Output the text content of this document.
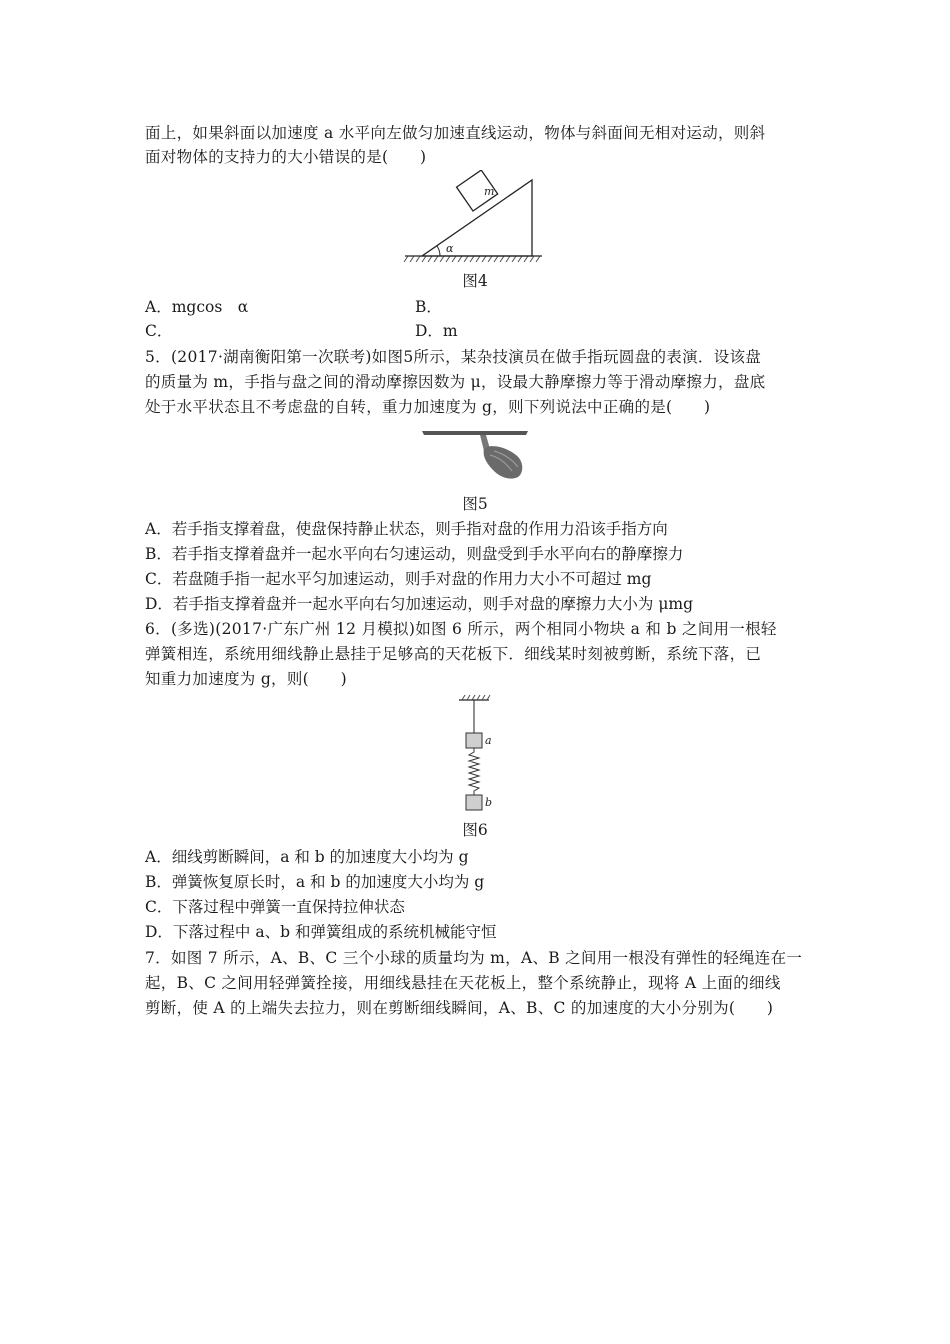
面上，如果斜面以加速度 a 水平向左做匀加速直线运动，物体与斜面间无相对运动，则斜
面对物体的支持力的大小错误的是(　　)
α
m
图4
A．mgcos　α	B．
C．	D．m
5．(2017·湖南衡阳第一次联考)如图5所示，某杂技演员在做手指玩圆盘的表演．设该盘
的质量为 m，手指与盘之间的滑动摩擦因数为 μ，设最大静摩擦力等于滑动摩擦力，盘底
处于水平状态且不考虑盘的自转，重力加速度为 g，则下列说法中正确的是(　　)
图5
A．若手指支撑着盘，使盘保持静止状态，则手指对盘的作用力沿该手指方向
B．若手指支撑着盘并一起水平向右匀速运动，则盘受到手水平向右的静摩擦力
C．若盘随手指一起水平匀加速运动，则手对盘的作用力大小不可超过 mg
D．若手指支撑着盘并一起水平向右匀加速运动，则手对盘的摩擦力大小为 μmg
6．(多选)(2017·广东广州 12 月模拟)如图 6 所示，两个相同小物块 a 和 b 之间用一根轻
弹簧相连，系统用细线静止悬挂于足够高的天花板下．细线某时刻被剪断，系统下落，已
知重力加速度为 g，则(　　)
a
b
图6
A．细线剪断瞬间，a 和 b 的加速度大小均为 g
B．弹簧恢复原长时，a 和 b 的加速度大小均为 g
C．下落过程中弹簧一直保持拉伸状态
D．下落过程中 a、b 和弹簧组成的系统机械能守恒
7．如图 7 所示，A、B、C 三个小球的质量均为 m，A、B 之间用一根没有弹性的轻绳连在一
起，B、C 之间用轻弹簧拴接，用细线悬挂在天花板上，整个系统静止，现将 A 上面的细线
剪断，使 A 的上端失去拉力，则在剪断细线瞬间，A、B、C 的加速度的大小分别为(　　)
